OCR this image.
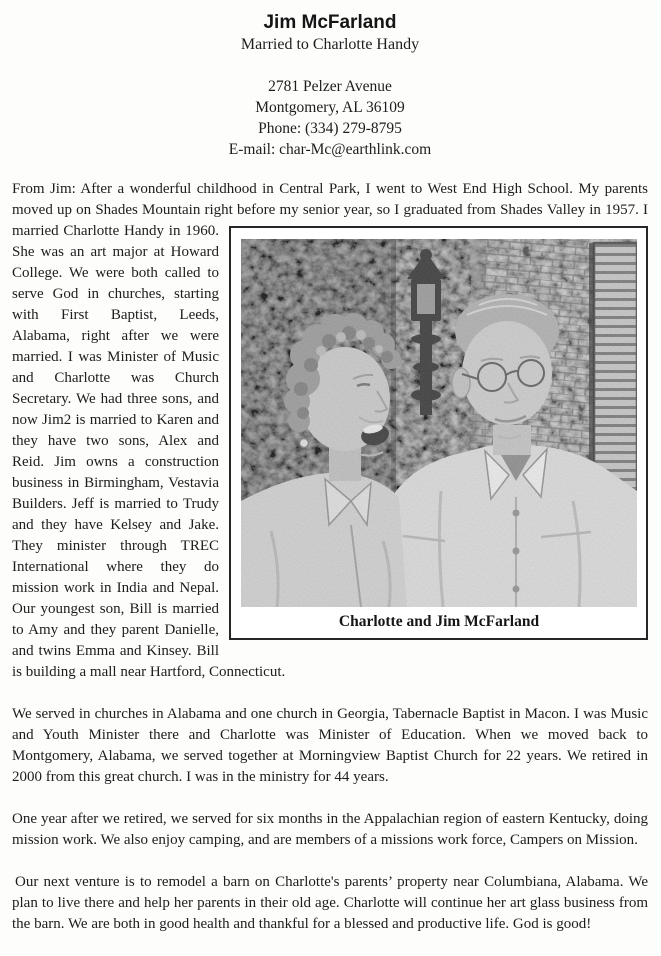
Jim McFarland
Married to Charlotte Handy
2781 Pelzer Avenue
Montgomery, AL 36109
Phone: (334) 279-8795
E-mail: char-Mc@earthlink.com
From Jim: After a wonderful childhood in Central Park, I went to West End High School. My parents moved up on Shades Mountain right before my senior year, so I graduated from Shades
Charlotte and Jim McFarland
Valley in 1957. I married Charlotte Handy in 1960. She was an art major at Howard College. We were both called to serve God in churches, starting with First Baptist, Leeds, Alabama, right after we were married. I was Minister of Music and Charlotte was Church Secretary. We had three sons, and now Jim2 is married to Karen and they have two sons, Alex and Reid. Jim owns a construction business in Birmingham, Vestavia Builders. Jeff is married to Trudy and they have Kelsey and Jake. They minister through TREC International where they do mission work in India and Nepal. Our youngest son, Bill is married to Amy and they parent Danielle, and twins Emma and Kinsey. Bill is building a mall near Hartford, Connecticut.
We served in churches in Alabama and one church in Georgia, Tabernacle Baptist in Macon. I was Music and Youth Minister there and Charlotte was Minister of Education. When we moved back to Montgomery, Alabama, we served together at Morningview Baptist Church for 22 years. We retired in 2000 from this great church. I was in the ministry for 44 years.
One year after we retired, we served for six months in the Appalachian region of eastern Kentucky, doing mission work. We also enjoy camping, and are members of a missions work force, Campers on Mission.
Our next venture is to remodel a barn on Charlotte's parents’ property near Columbiana, Alabama. We plan to live there and help her parents in their old age. Charlotte will continue her art glass business from the barn. We are both in good health and thankful for a blessed and productive life. God is good!
